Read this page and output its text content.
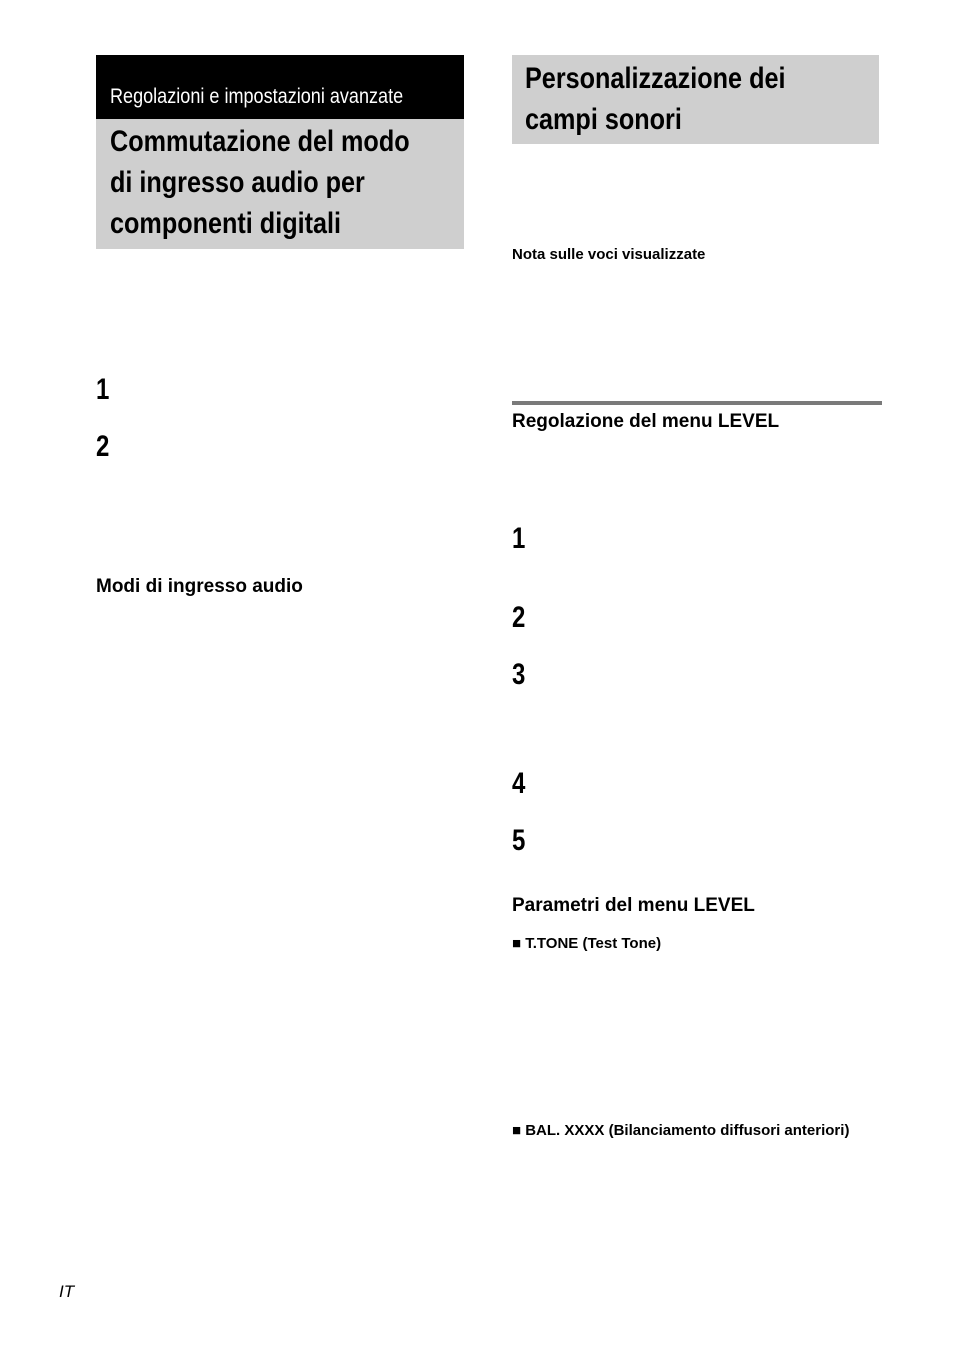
Regolazioni e impostazioni avanzate
Commutazione del modo
di ingresso audio per
componenti digitali
1
2
Modi di ingresso audio
Personalizzazione dei
campi sonori
Nota sulle voci visualizzate
Regolazione del menu LEVEL
1
2
3
4
5
Parametri del menu LEVEL
■ T.TONE (Test Tone)
■ BAL. XXXX (Bilanciamento diffusori anteriori)
IT
